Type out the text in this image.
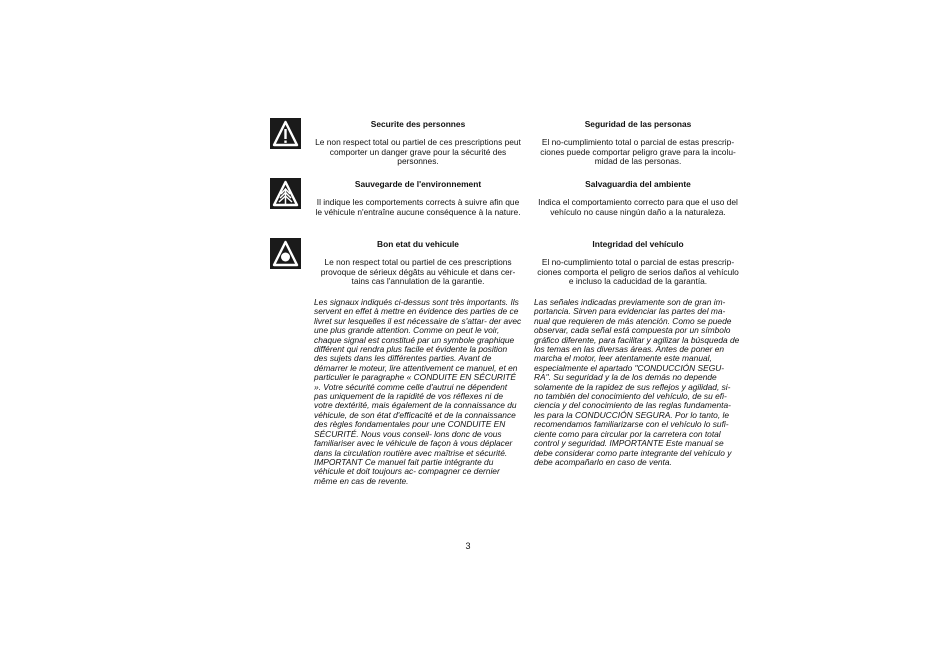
Securite des personnes

Le non respect total ou partiel de ces prescriptions peut comporter un danger grave pour la sécurité des personnes.

Sauvegarde de l'environnement

Il indique les comportements corrects à suivre afin que le véhicule n'entraîne aucune conséquence à la nature.

Bon etat du vehicule

Le non respect total ou partiel de ces prescriptions provoque de sérieux dégâts au véhicule et dans cer- tains cas l'annulation de la garantie.

Les signaux indiqués ci-dessus sont très importants. Ils servent en effet à mettre en évidence des parties de ce livret sur lesquelles il est nécessaire de s'attar- der avec une plus grande attention. Comme on peut le voir, chaque signal est constitué par un symbole graphique différent qui rendra plus facile et évidente la position des sujets dans les différentes parties. Avant de démarrer le moteur, lire attentivement ce manuel, et en particulier le paragraphe « CONDUITE EN SÉCURITÉ ». Votre sécurité comme celle d'autrui ne dépendent pas uniquement de la rapidité de vos réflexes ni de votre dextérité, mais également de la connaissance du véhicule, de son état d'efficacité et de la connaissance des règles fondamentales pour une CONDUITE EN SÉCURITÉ. Nous vous conseil- lons donc de vous familiariser avec le véhicule de façon à vous déplacer dans la circulation routière avec maîtrise et sécurité. IMPORTANT Ce manuel fait partie intégrante du véhicule et doit toujours ac- compagner ce dernier même en cas de revente.

Seguridad de las personas

El no-cumplimiento total o parcial de estas prescrip- ciones puede comportar peligro grave para la incolu- midad de las personas.

Salvaguardia del ambiente

Indica el comportamiento correcto para que el uso del vehículo no cause ningún daño a la naturaleza.

Integridad del vehículo

El no-cumplimiento total o parcial de estas prescrip- ciones comporta el peligro de serios daños al vehículo e incluso la caducidad de la garantía.

Las señales indicadas previamente son de gran im- portancia. Sirven para evidenciar las partes del ma- nual que requieren de más atención. Como se puede observar, cada señal está compuesta por un símbolo gráfico diferente, para facilitar y agilizar la búsqueda de los temas en las diversas áreas. Antes de poner en marcha el motor, leer atentamente este manual, especialmente el apartado "CONDUCCIÓN SEGU- RA". Su seguridad y la de los demás no depende solamente de la rapidez de sus reflejos y agilidad, si- no también del conocimiento del vehículo, de su efi- ciencia y del conocimiento de las reglas fundamenta- les para la CONDUCCIÓN SEGURA. Por lo tanto, le recomendamos familiarizarse con el vehículo lo sufi- ciente como para circular por la carretera con total control y seguridad. IMPORTANTE Este manual se debe considerar como parte integrante del vehículo y debe acompañarlo en caso de venta.

3
